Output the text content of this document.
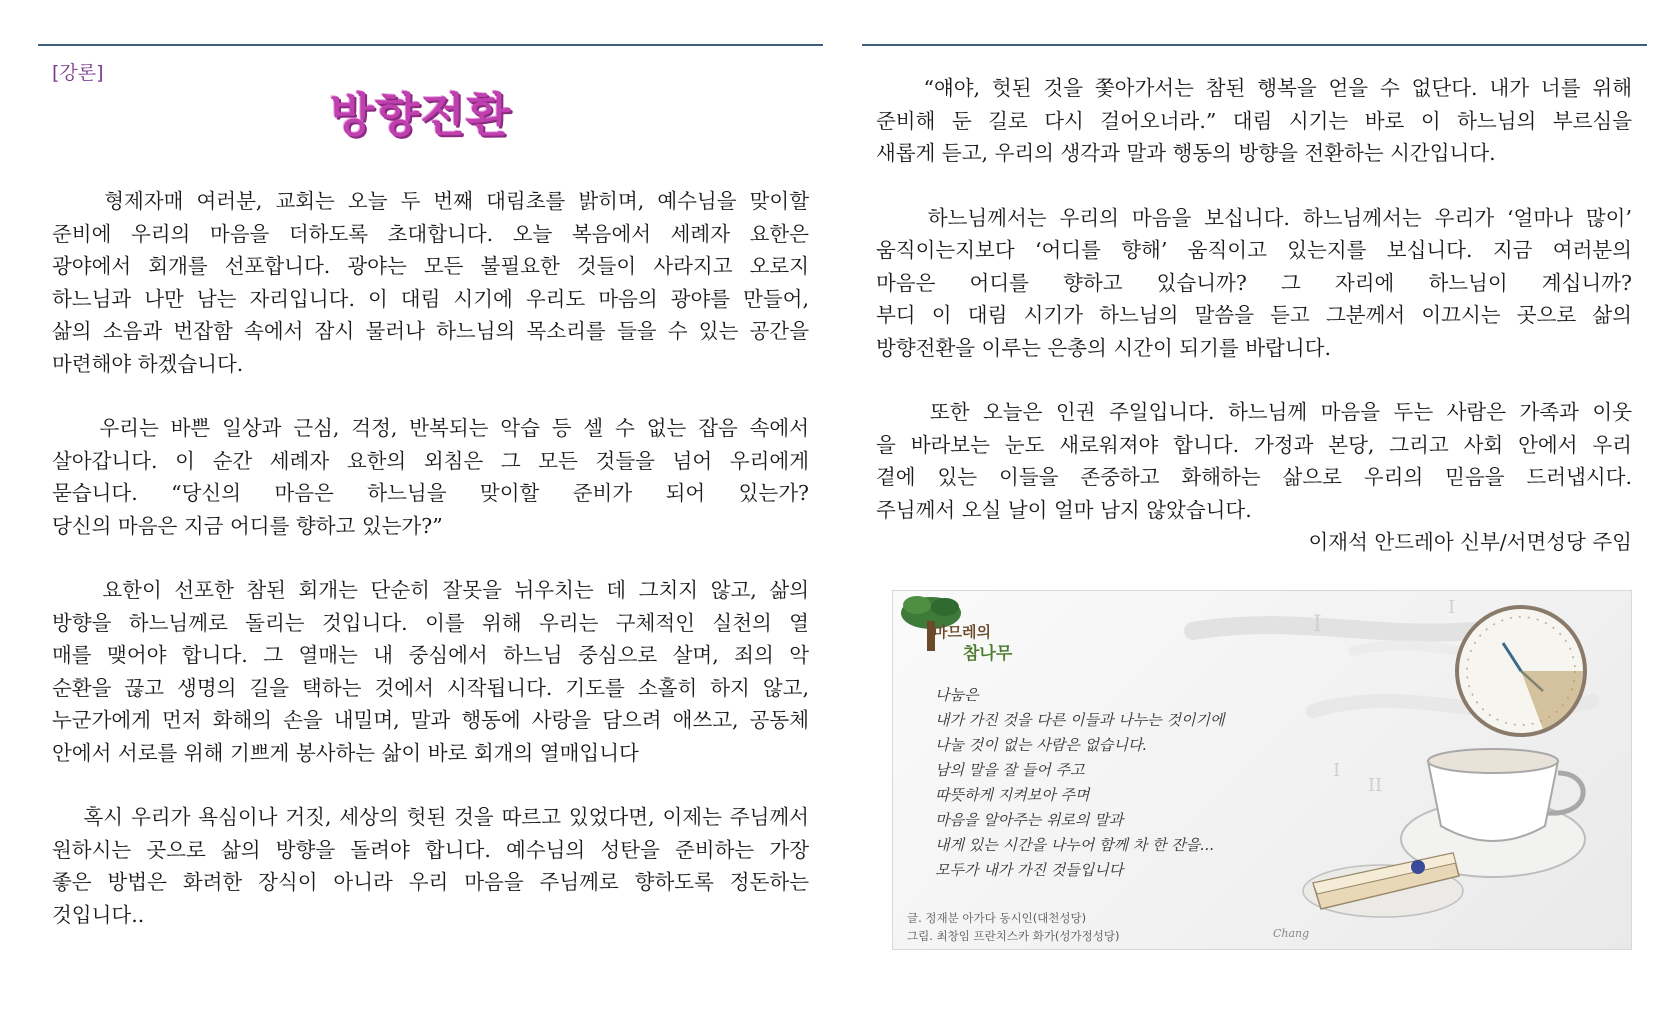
[강론]
방향전환

형제자매 여러분, 교회는 오늘 두 번째 대림초를 밝히며, 예수님을 맞이할
준비에 우리의 마음을 더하도록 초대합니다. 오늘 복음에서 세례자 요한은
광야에서 회개를 선포합니다. 광야는 모든 불필요한 것들이 사라지고 오로지
하느님과 나만 남는 자리입니다. 이 대림 시기에 우리도 마음의 광야를 만들어,
삶의 소음과 번잡함 속에서 잠시 물러나 하느님의 목소리를 들을 수 있는 공간을
마련해야 하겠습니다.

우리는 바쁜 일상과 근심, 걱정, 반복되는 악습 등 셀 수 없는 잡음 속에서
살아갑니다. 이 순간 세례자 요한의 외침은 그 모든 것들을 넘어 우리에게
묻습니다. “당신의 마음은 하느님을 맞이할 준비가 되어 있는가?
당신의 마음은 지금 어디를 향하고 있는가?”

요한이 선포한 참된 회개는 단순히 잘못을 뉘우치는 데 그치지 않고, 삶의
방향을 하느님께로 돌리는 것입니다. 이를 위해 우리는 구체적인 실천의 열
매를 맺어야 합니다. 그 열매는 내 중심에서 하느님 중심으로 살며, 죄의 악
순환을 끊고 생명의 길을 택하는 것에서 시작됩니다. 기도를 소홀히 하지 않고,
누군가에게 먼저 화해의 손을 내밀며, 말과 행동에 사랑을 담으려 애쓰고, 공동체
안에서 서로를 위해 기쁘게 봉사하는 삶이 바로 회개의 열매입니다

혹시 우리가 욕심이나 거짓, 세상의 헛된 것을 따르고 있었다면, 이제는 주님께서
원하시는 곳으로 삶의 방향을 돌려야 합니다. 예수님의 성탄을 준비하는 가장
좋은 방법은 화려한 장식이 아니라 우리 마음을 주님께로 향하도록 정돈하는
것입니다..

“얘야, 헛된 것을 쫓아가서는 참된 행복을 얻을 수 없단다. 내가 너를 위해
준비해 둔 길로 다시 걸어오너라.” 대림 시기는 바로 이 하느님의 부르심을
새롭게 듣고, 우리의 생각과 말과 행동의 방향을 전환하는 시간입니다.

하느님께서는 우리의 마음을 보십니다. 하느님께서는 우리가 ‘얼마나 많이’
움직이는지보다 ‘어디를 향해’ 움직이고 있는지를 보십니다. 지금 여러분의
마음은 어디를 향하고 있습니까? 그 자리에 하느님이 계십니까?
부디 이 대림 시기가 하느님의 말씀을 듣고 그분께서 이끄시는 곳으로 삶의
방향전환을 이루는 은총의 시간이 되기를 바랍니다.

또한 오늘은 인권 주일입니다. 하느님께 마음을 두는 사람은 가족과 이웃
을 바라보는 눈도 새로워져야 합니다. 가정과 본당, 그리고 사회 안에서 우리
곁에 있는 이들을 존중하고 화해하는 삶으로 우리의 믿음을 드러냅시다.
주님께서 오실 날이 얼마 남지 않았습니다.

이재석 안드레아 신부/서면성당 주임

I
I
II
I
마므레의
참나무
나눔은
내가 가진 것을 다른 이들과 나누는 것이기에
나눌 것이 없는 사람은 없습니다.
남의 말을 잘 들어 주고
따뜻하게 지켜보아 주며
마음을 알아주는 위로의 말과
내게 있는 시간을 나누어 함께 차 한 잔을...
모두가 내가 가진 것들입니다
글. 정재분 아가다 동시인(대천성당)
그림. 최창임 프란치스카 화가(성가정성당)	Chang
